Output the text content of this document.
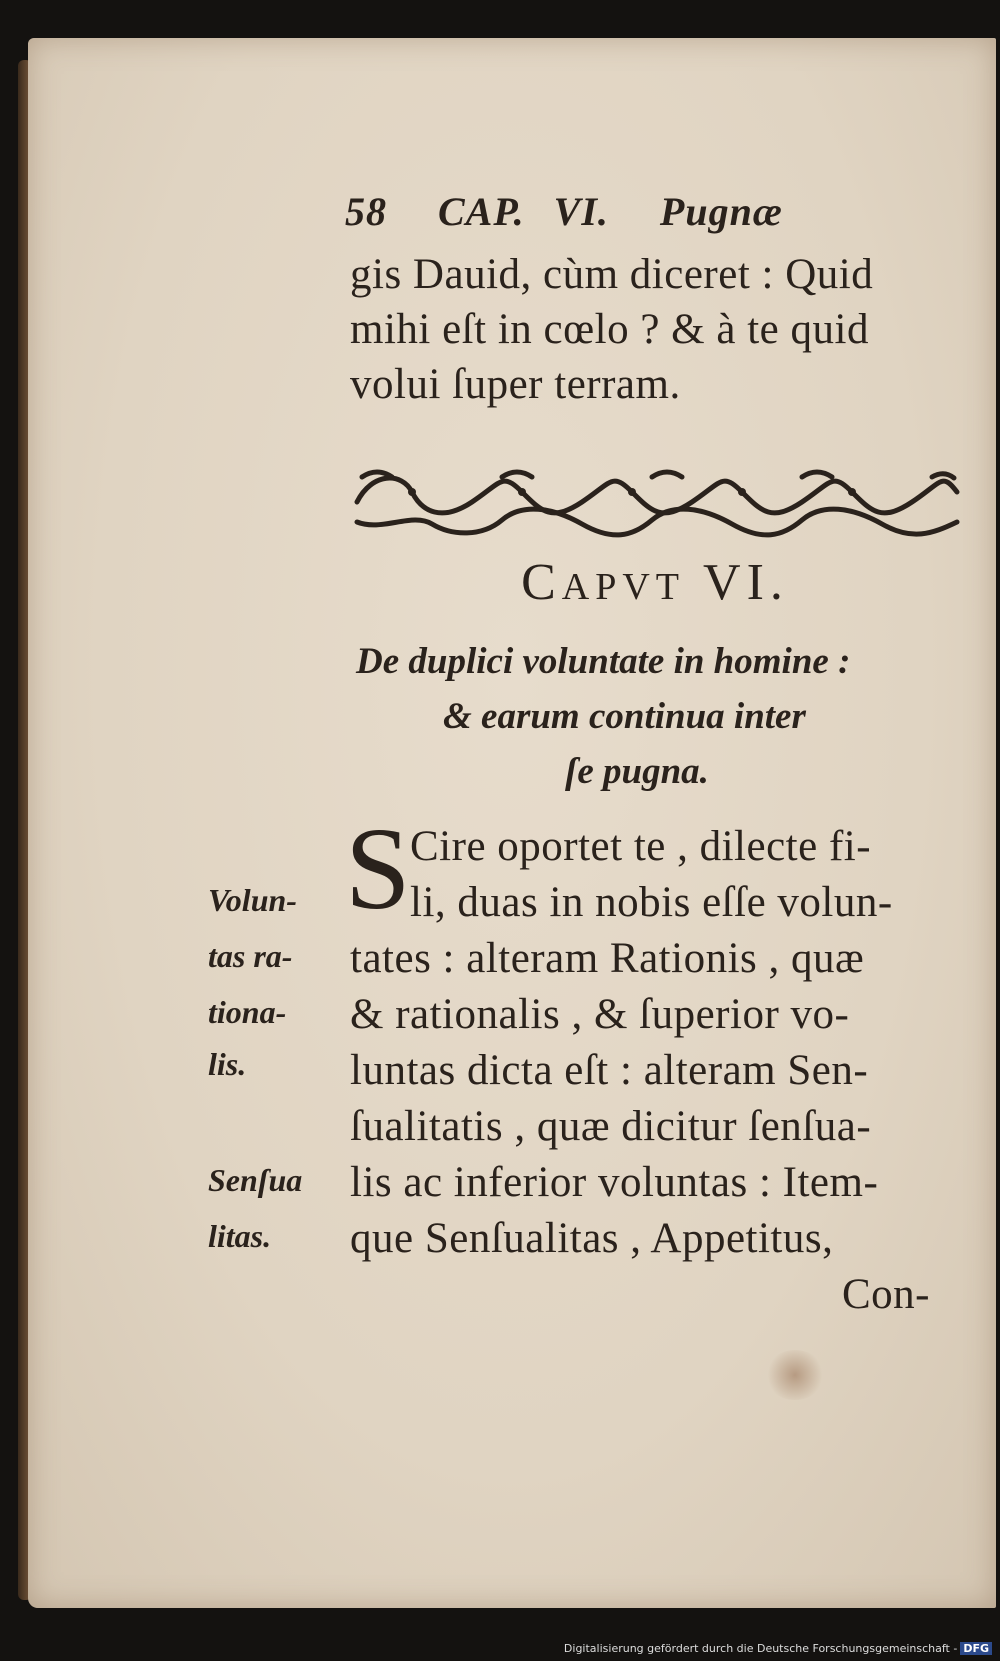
58 CAP. VI. Pugnæ
gis Dauid, cùm diceret : Quid
mihi eſt in cœlo ? & à te quid
volui ſuper terram.
CAPVT VI.
De duplici voluntate in homine :
& earum continua inter
ſe pugna.
S Cire oportet te , dilecte fi-
li, duas in nobis eſſe volun-
tates : alteram Rationis , quæ
& rationalis , & ſuperior vo-
luntas dicta eſt : alteram Sen-
ſualitatis , quæ dicitur ſenſua-
lis ac inferior voluntas : Item-
que Senſualitas , Appetitus,
Con-
Volun-
tas ra-
tiona-
lis.
Senſua
litas.
Digitalisierung gefördert durch die Deutsche Forschungsgemeinschaft - DFG
